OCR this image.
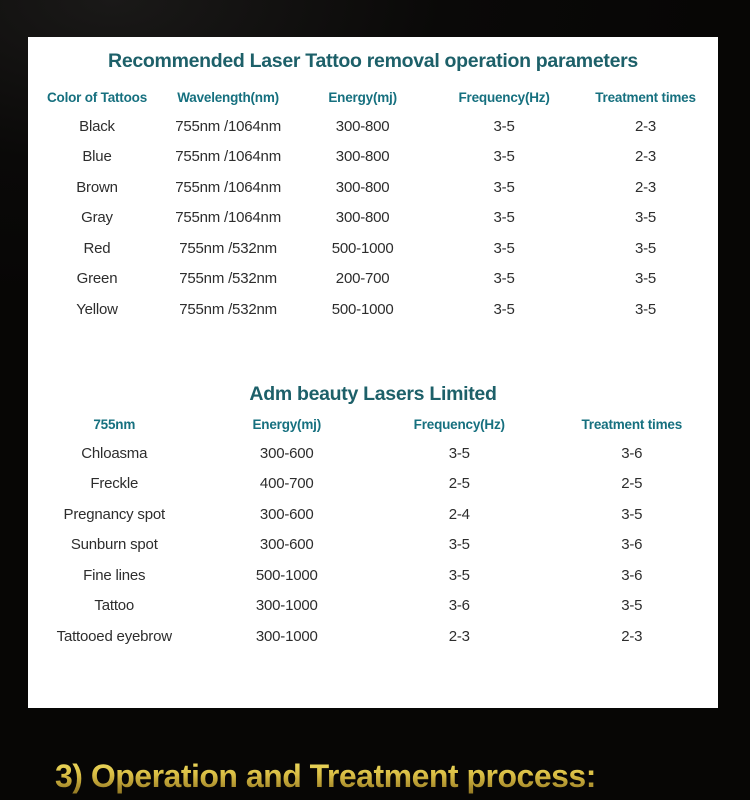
Recommended Laser Tattoo removal operation parameters
Color of Tattoos	Wavelength(nm)	Energy(mj)	Frequency(Hz)	Treatment times
Black	755nm /1064nm	300-800	3-5	2-3
Blue	755nm /1064nm	300-800	3-5	2-3
Brown	755nm /1064nm	300-800	3-5	2-3
Gray	755nm /1064nm	300-800	3-5	3-5
Red	755nm /532nm	500-1000	3-5	3-5
Green	755nm /532nm	200-700	3-5	3-5
Yellow	755nm /532nm	500-1000	3-5	3-5
Adm beauty Lasers Limited
755nm	Energy(mj)	Frequency(Hz)	Treatment times
Chloasma	300-600	3-5	3-6
Freckle	400-700	2-5	2-5
Pregnancy spot	300-600	2-4	3-5
Sunburn spot	300-600	3-5	3-6
Fine lines	500-1000	3-5	3-6
Tattoo	300-1000	3-6	3-5
Tattooed eyebrow	300-1000	2-3	2-3
3) Operation and Treatment process:
